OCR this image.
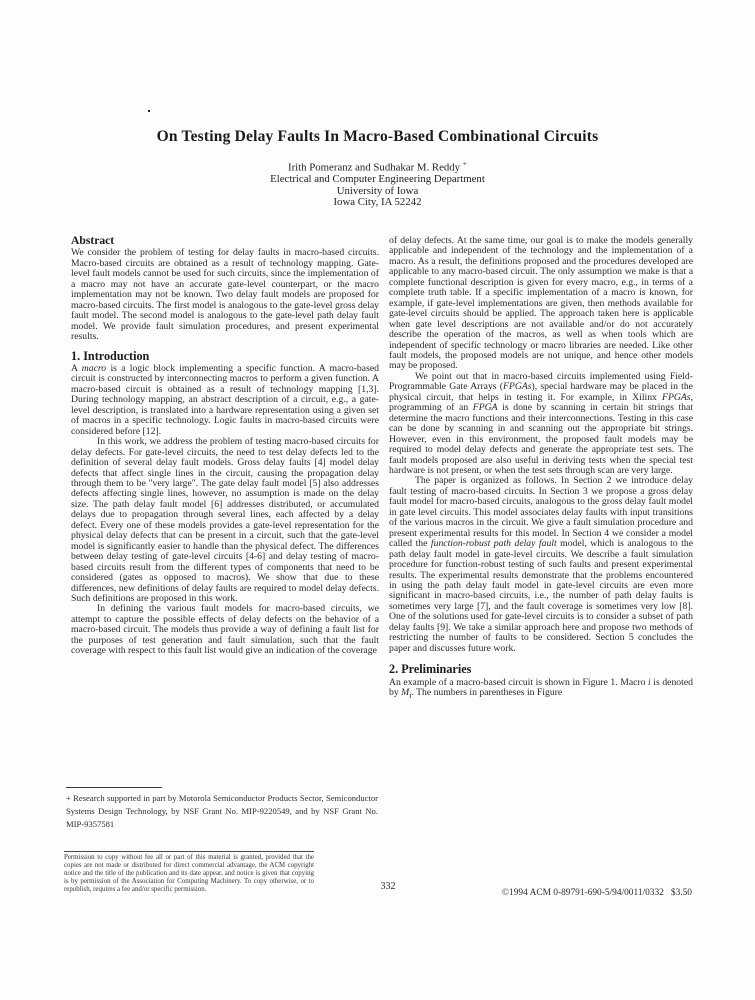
On Testing Delay Faults In Macro-Based Combinational Circuits
Irith Pomeranz and Sudhakar M. Reddy +
Electrical and Computer Engineering Department
University of Iowa
Iowa City, IA 52242
Abstract

We consider the problem of testing for delay faults in macro-based circuits. Macro-based circuits are obtained as a result of technology mapping. Gate-level fault models cannot be used for such circuits, since the implementation of a macro may not have an accurate gate-level counterpart, or the macro implementation may not be known. Two delay fault models are proposed for macro-based circuits. The first model is analogous to the gate-level gross delay fault model. The second model is analogous to the gate-level path delay fault model. We provide fault simulation procedures, and present experimental results.

1. Introduction

A macro is a logic block implementing a specific function. A macro-based circuit is constructed by interconnecting macros to perform a given function. A macro-based circuit is obtained as a result of technology mapping [1,3]. During technology mapping, an abstract description of a circuit, e.g., a gate-level description, is translated into a hardware representation using a given set of macros in a specific technology. Logic faults in macro-based circuits were considered before [12].

In this work, we address the problem of testing macro-based circuits for delay defects. For gate-level circuits, the need to test delay defects led to the definition of several delay fault models. Gross delay faults [4] model delay defects that affect single lines in the circuit, causing the propagation delay through them to be "very large". The gate delay fault model [5] also addresses defects affecting single lines, however, no assumption is made on the delay size. The path delay fault model [6] addresses distributed, or accumulated delays due to propagation through several lines, each affected by a delay defect. Every one of these models provides a gate-level representation for the physical delay defects that can be present in a circuit, such that the gate-level model is significantly easier to handle than the physical defect. The differences between delay testing of gate-level circuits [4-6] and delay testing of macro-based circuits result from the different types of components that need to be considered (gates as opposed to macros). We show that due to these differences, new definitions of delay faults are required to model delay defects. Such definitions are proposed in this work.

In defining the various fault models for macro-based circuits, we attempt to capture the possible effects of delay defects on the behavior of a macro-based circuit. The models thus provide a way of defining a fault list for the purposes of test generation and fault simulation, such that the fault coverage with respect to this fault list would give an indication of the coverage

of delay defects. At the same time, our goal is to make the models generally applicable and independent of the technology and the implementation of a macro. As a result, the definitions proposed and the procedures developed are applicable to any macro-based circuit. The only assumption we make is that a complete functional description is given for every macro, e.g., in terms of a complete truth table. If a specific implementation of a macro is known, for example, if gate-level implementations are given, then methods available for gate-level circuits should be applied. The approach taken here is applicable when gate level descriptions are not available and/or do not accurately describe the operation of the macros, as well as when tools which are independent of specific technology or macro libraries are needed. Like other fault models, the proposed models are not unique, and hence other models may be proposed.

We point out that in macro-based circuits implemented using Field-Programmable Gate Arrays (FPGAs), special hardware may be placed in the physical circuit, that helps in testing it. For example, in Xilinx FPGAs, programming of an FPGA is done by scanning in certain bit strings that determine the macro functions and their interconnections. Testing in this case can be done by scanning in and scanning out the appropriate bit strings. However, even in this environment, the proposed fault models may be required to model delay defects and generate the appropriate test sets. The fault models proposed are also useful in deriving tests when the special test hardware is not present, or when the test sets through scan are very large.

The paper is organized as follows. In Section 2 we introduce delay fault testing of macro-based circuits. In Section 3 we propose a gross delay fault model for macro-based circuits, analogous to the gross delay fault model in gate level circuits. This model associates delay faults with input transitions of the various macros in the circuit. We give a fault simulation procedure and present experimental results for this model. In Section 4 we consider a model called the function-robust path delay fault model, which is analogous to the path delay fault model in gate-level circuits. We describe a fault simulation procedure for function-robust testing of such faults and present experimental results. The experimental results demonstrate that the problems encountered in using the path delay fault model in gate-level circuits are even more significant in macro-based circuits, i.e., the number of path delay faults is sometimes very large [7], and the fault coverage is sometimes very low [8]. One of the solutions used for gate-level circuits is to consider a subset of path delay faults [9]. We take a similar approach here and propose two methods of restricting the number of faults to be considered. Section 5 concludes the paper and discusses future work.

2. Preliminaries

An example of a macro-based circuit is shown in Figure 1. Macro i is denoted by $M_i$. The numbers in parentheses in Figure

+ Research supported in part by Motorola Semiconductor Products Sector, Semiconductor Systems Design Technology, by NSF Grant No. MIP-9220549, and by NSF Grant No. MIP-9357581
Permission to copy without fee all or part of this material is granted, provided that the copies are not made or distributed for direct commercial advantage, the ACM copyright notice and the title of the publication and its date appear, and notice is given that copying is by permission of the Association for Computing Machinery. To copy otherwise, or to republish, requires a fee and/or specific permission.	332
©1994 ACM 0-89791-690-5/94/0011/0332   $3.50
